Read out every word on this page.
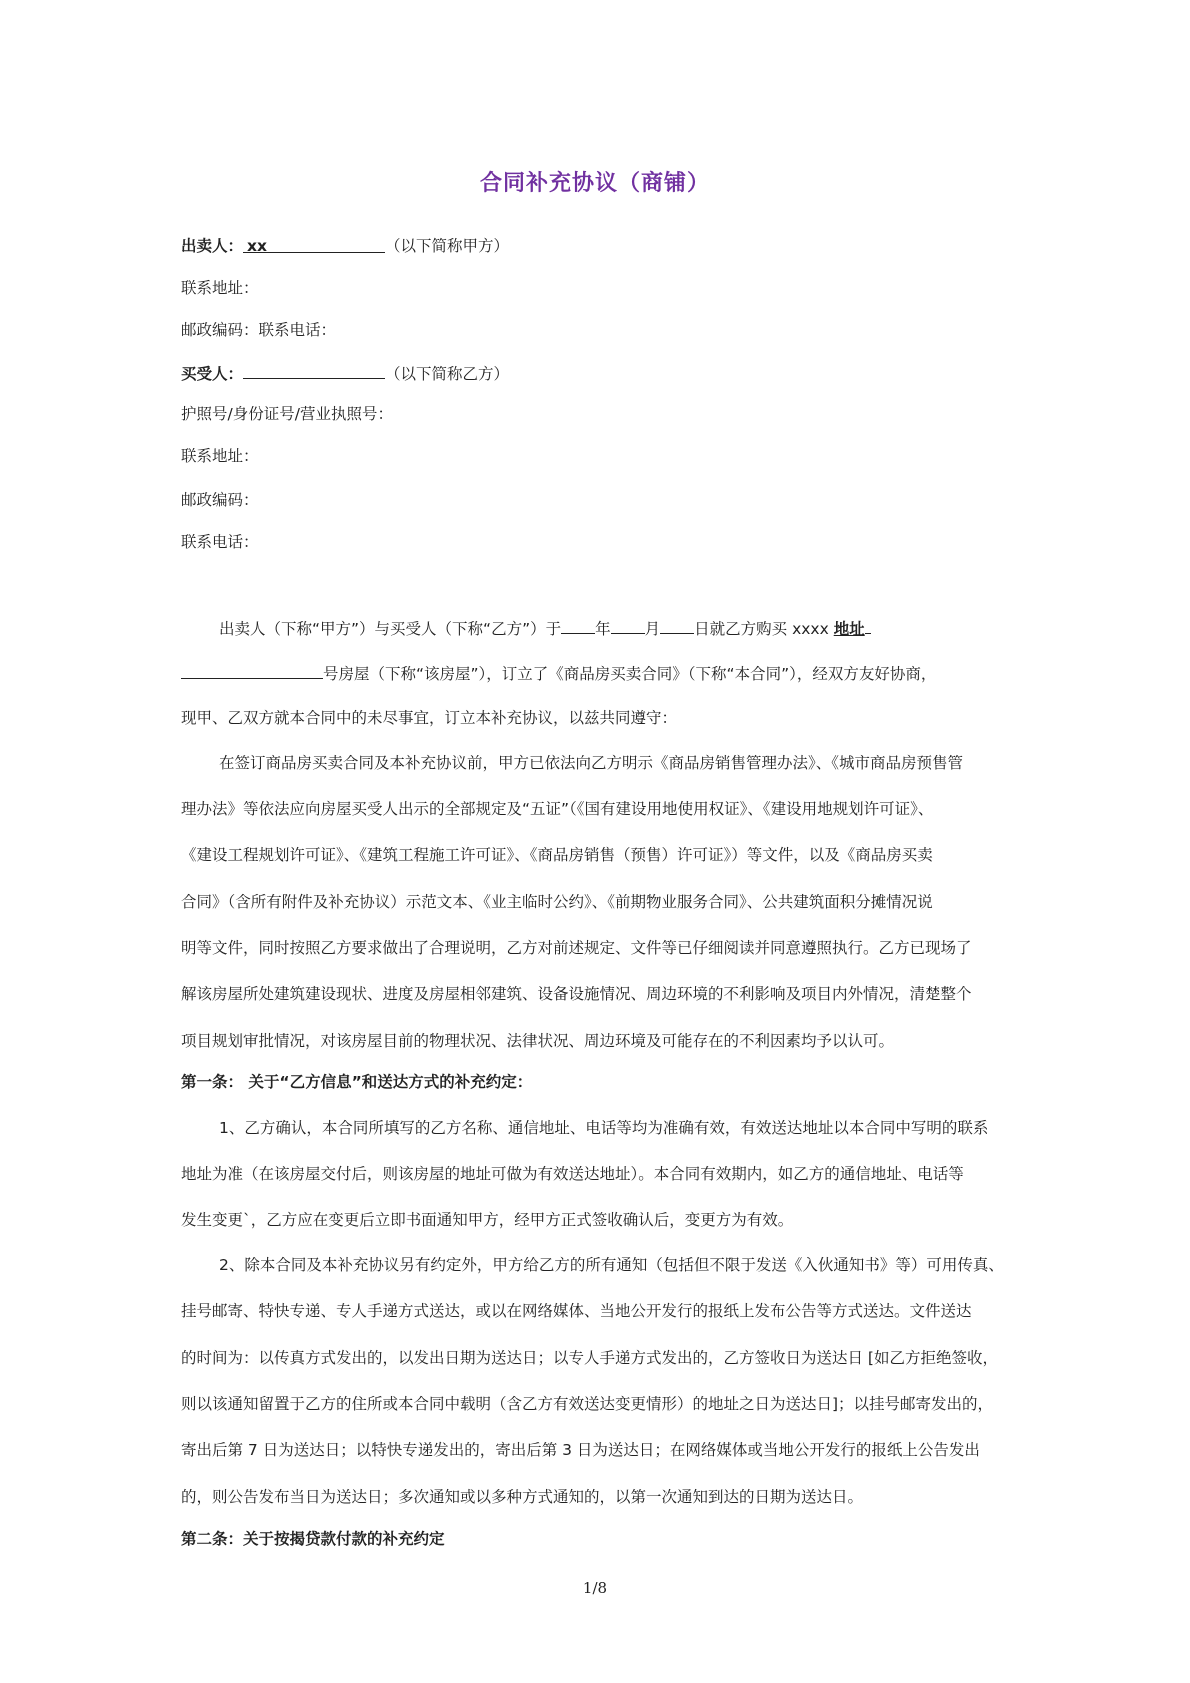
合同补充协议（商铺）
出卖人： xx	（以下简称甲方）
联系地址：
邮政编码：联系电话：
买受人：	（以下简称乙方）
护照号/身份证号/营业执照号：
联系地址：
邮政编码：
联系电话：
出卖人（下称“甲方”）与买受人（下称“乙方”）于 年 月 日就乙方购买 xxxx 地址
号房屋（下称“该房屋”），订立了《商品房买卖合同》（下称“本合同”），经双方友好协商，
现甲、乙双方就本合同中的未尽事宜，订立本补充协议，以兹共同遵守：
在签订商品房买卖合同及本补充协议前，甲方已依法向乙方明示《商品房销售管理办法》、《城市商品房预售管
理办法》等依法应向房屋买受人出示的全部规定及“五证”（《国有建设用地使用权证》、《建设用地规划许可证》、
《建设工程规划许可证》、《建筑工程施工许可证》、《商品房销售（预售）许可证》）等文件，以及《商品房买卖
合同》（含所有附件及补充协议）示范文本、《业主临时公约》、《前期物业服务合同》、公共建筑面积分摊情况说
明等文件，同时按照乙方要求做出了合理说明，乙方对前述规定、文件等已仔细阅读并同意遵照执行。乙方已现场了
解该房屋所处建筑建设现状、进度及房屋相邻建筑、设备设施情况、周边环境的不利影响及项目内外情况，清楚整个
项目规划审批情况，对该房屋目前的物理状况、法律状况、周边环境及可能存在的不利因素均予以认可。
第一条： 关于“乙方信息”和送达方式的补充约定：
1、乙方确认，本合同所填写的乙方名称、通信地址、电话等均为准确有效，有效送达地址以本合同中写明的联系
地址为准（在该房屋交付后，则该房屋的地址可做为有效送达地址）。本合同有效期内，如乙方的通信地址、电话等
发生变更`，乙方应在变更后立即书面通知甲方，经甲方正式签收确认后，变更方为有效。
2、除本合同及本补充协议另有约定外，甲方给乙方的所有通知（包括但不限于发送《入伙通知书》等）可用传真、
挂号邮寄、特快专递、专人手递方式送达，或以在网络媒体、当地公开发行的报纸上发布公告等方式送达。文件送达
的时间为：以传真方式发出的，以发出日期为送达日；以专人手递方式发出的，乙方签收日为送达日 [如乙方拒绝签收，
则以该通知留置于乙方的住所或本合同中载明（含乙方有效送达变更情形）的地址之日为送达日]；以挂号邮寄发出的，
寄出后第 7 日为送达日；以特快专递发出的，寄出后第 3 日为送达日；在网络媒体或当地公开发行的报纸上公告发出
的，则公告发布当日为送达日；多次通知或以多种方式通知的，以第一次通知到达的日期为送达日。
第二条：关于按揭贷款付款的补充约定
1/8
